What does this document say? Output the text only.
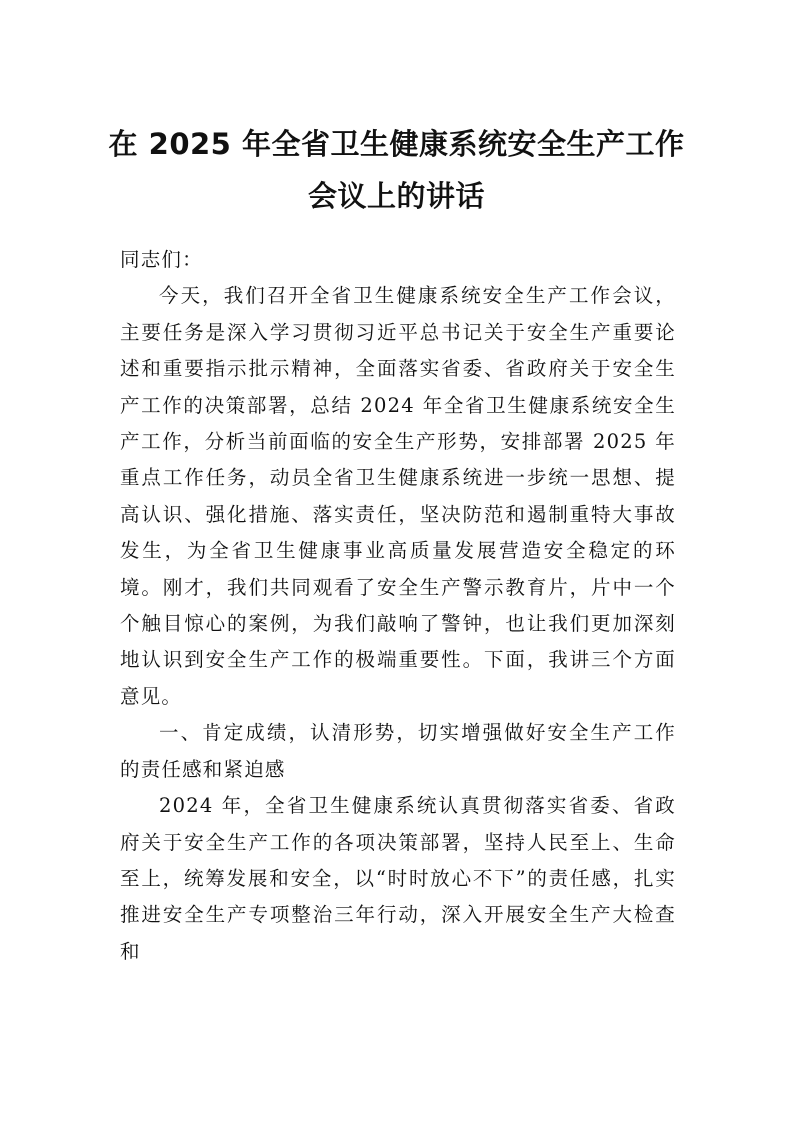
在 2025 年全省卫生健康系统安全生产工作
会议上的讲话

同志们：

今天，我们召开全省卫生健康系统安全生产工作会议，主要任务是深入学习贯彻习近平总书记关于安全生产重要论述和重要指示批示精神，全面落实省委、省政府关于安全生产工作的决策部署，总结 2024 年全省卫生健康系统安全生产工作，分析当前面临的安全生产形势，安排部署 2025 年重点工作任务，动员全省卫生健康系统进一步统一思想、提高认识、强化措施、落实责任，坚决防范和遏制重特大事故发生，为全省卫生健康事业高质量发展营造安全稳定的环境。刚才，我们共同观看了安全生产警示教育片，片中一个个触目惊心的案例，为我们敲响了警钟，也让我们更加深刻地认识到安全生产工作的极端重要性。下面，我讲三个方面意见。

一、肯定成绩，认清形势，切实增强做好安全生产工作的责任感和紧迫感

2024 年，全省卫生健康系统认真贯彻落实省委、省政府关于安全生产工作的各项决策部署，坚持人民至上、生命至上，统筹发展和安全，以“时时放心不下”的责任感，扎实推进安全生产专项整治三年行动，深入开展安全生产大检查和
